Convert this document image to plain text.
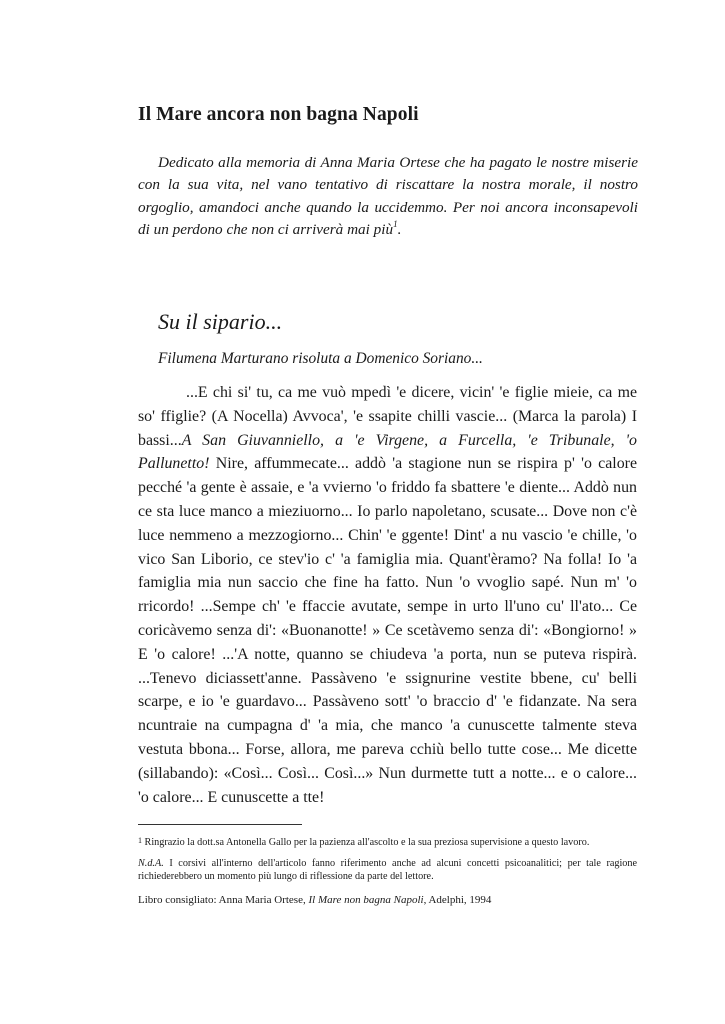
Il Mare ancora non bagna Napoli
Dedicato alla memoria di Anna Maria Ortese che ha pagato le nostre miserie con la sua vita, nel vano tentativo di riscattare la nostra morale, il nostro orgoglio, amandoci anche quando la uccidemmo. Per noi ancora inconsapevoli di un perdono che non ci arriverà mai più$^1$.
Su il sipario...
Filumena Marturano risoluta a Domenico Soriano...
...E chi si' tu, ca me vuò mpedì 'e dicere, vicin' 'e figlie mieie, ca me so' ffiglie? (A Nocella) Avvoca', 'e ssapite chilli vascie... (Marca la parola) I bassi...A San Giuvanniello, a 'e Virgene, a Furcella, 'e Tribunale, 'o Pallunetto! Nire, affummecate... addò 'a stagione nun se rispira p' 'o calore pecché 'a gente è assaie, e 'a vvierno 'o friddo fa sbattere 'e diente... Addò nun ce sta luce manco a mieziuorno... Io parlo napoletano, scusate... Dove non c'è luce nemmeno a mezzogiorno... Chin' 'e ggente! Dint' a nu vascio 'e chille, 'o vico San Liborio, ce stev'io c' 'a famiglia mia. Quant'èramo? Na folla! Io 'a famiglia mia nun saccio che fine ha fatto. Nun 'o vvoglio sapé. Nun m' 'o rricordo! ...Sempe ch' 'e ffaccie avutate, sempe in urto ll'uno cu' ll'ato... Ce coricàvemo senza di': «Buonanotte! » Ce scetàvemo senza di': «Bongiorno! » E 'o calore! ...'A notte, quanno se chiudeva 'a porta, nun se puteva rispirà. ...Tenevo diciassett'anne. Passàveno 'e ssignurine vestite bbene, cu' belli scarpe, e io 'e guardavo... Passàveno sott' 'o braccio d' 'e fidanzate. Na sera ncuntraie na cumpagna d' 'a mia, che manco 'a cunuscette talmente steva vestuta bbona... Forse, allora, me pareva cchiù bello tutte cose... Me dicette (sillabando): «Così... Così... Così...» Nun durmette tutt a notte... e o calore... 'o calore... E cunuscette a tte!
1 Ringrazio la dott.sa Antonella Gallo per la pazienza all'ascolto e la sua preziosa supervisione a questo lavoro.
N.d.A. I corsivi all'interno dell'articolo fanno riferimento anche ad alcuni concetti psicoanalitici; per tale ragione richiederebbero un momento più lungo di riflessione da parte del lettore.
Libro consigliato: Anna Maria Ortese, Il Mare non bagna Napoli, Adelphi, 1994
